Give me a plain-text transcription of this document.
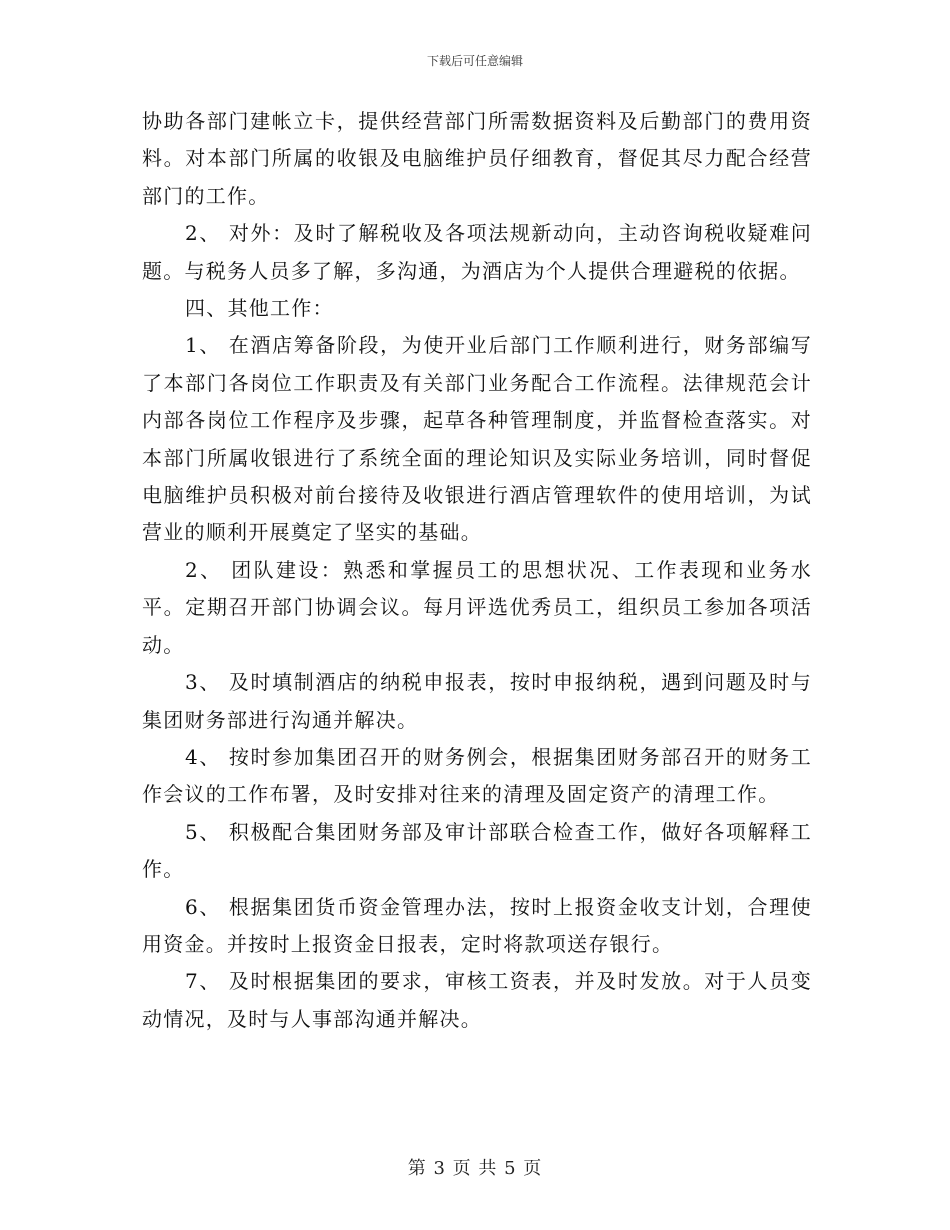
下载后可任意编辑

协助各部门建帐立卡，提供经营部门所需数据资料及后勤部门的费用资料。对本部门所属的收银及电脑维护员仔细教育，督促其尽力配合经营部门的工作。

2、 对外：及时了解税收及各项法规新动向，主动咨询税收疑难问题。与税务人员多了解，多沟通，为酒店为个人提供合理避税的依据。

四、其他工作：

1、 在酒店筹备阶段，为使开业后部门工作顺利进行，财务部编写了本部门各岗位工作职责及有关部门业务配合工作流程。法律规范会计内部各岗位工作程序及步骤，起草各种管理制度，并监督检查落实。对本部门所属收银进行了系统全面的理论知识及实际业务培训，同时督促电脑维护员积极对前台接待及收银进行酒店管理软件的使用培训，为试营业的顺利开展奠定了坚实的基础。

2、 团队建设：熟悉和掌握员工的思想状况、工作表现和业务水平。定期召开部门协调会议。每月评选优秀员工，组织员工参加各项活动。

3、 及时填制酒店的纳税申报表，按时申报纳税，遇到问题及时与集团财务部进行沟通并解决。

4、 按时参加集团召开的财务例会，根据集团财务部召开的财务工作会议的工作布署，及时安排对往来的清理及固定资产的清理工作。

5、 积极配合集团财务部及审计部联合检查工作，做好各项解释工作。

6、 根据集团货币资金管理办法，按时上报资金收支计划，合理使用资金。并按时上报资金日报表，定时将款项送存银行。

7、 及时根据集团的要求，审核工资表，并及时发放。对于人员变动情况，及时与人事部沟通并解决。

第 3 页 共 5 页
